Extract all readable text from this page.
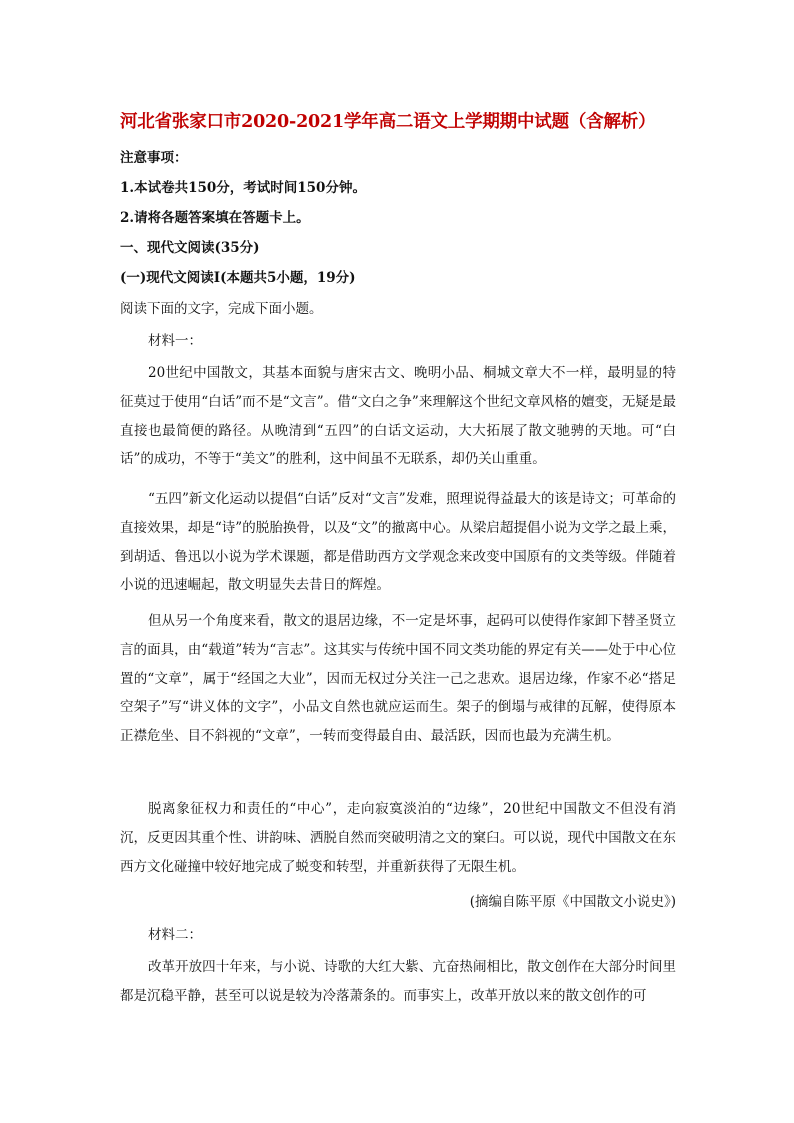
河北省张家口市2020-2021学年高二语文上学期期中试题（含解析）
注意事项：
1.本试卷共150分，考试时间150分钟。
2.请将各题答案填在答题卡上。
一、现代文阅读(35分)
(一)现代文阅读Ⅰ(本题共5小题，19分)
阅读下面的文字，完成下面小题。
材料一：

20世纪中国散文，其基本面貌与唐宋古文、晚明小品、桐城文章大不一样，最明显的特征莫过于使用“白话”而不是“文言”。借“文白之争”来理解这个世纪文章风格的嬗变，无疑是最直接也最简便的路径。从晚清到“五四”的白话文运动，大大拓展了散文驰骋的天地。可“白话”的成功，不等于“美文”的胜利，这中间虽不无联系，却仍关山重重。

“五四”新文化运动以提倡“白话”反对“文言”发难，照理说得益最大的该是诗文；可革命的直接效果，却是“诗”的脱胎换骨，以及“文”的撤离中心。从梁启超提倡小说为文学之最上乘，到胡适、鲁迅以小说为学术课题，都是借助西方文学观念来改变中国原有的文类等级。伴随着小说的迅速崛起，散文明显失去昔日的辉煌。

但从另一个角度来看，散文的退居边缘，不一定是坏事，起码可以使得作家卸下替圣贤立言的面具，由“载道”转为“言志”。这其实与传统中国不同文类功能的界定有关——处于中心位置的“文章”，属于“经国之大业”，因而无权过分关注一己之悲欢。退居边缘，作家不必“搭足空架子”写“讲义体的文字”，小品文自然也就应运而生。架子的倒塌与戒律的瓦解，使得原本正襟危坐、目不斜视的“文章”，一转而变得最自由、最活跃，因而也最为充满生机。

脱离象征权力和责任的“中心”，走向寂寞淡泊的“边缘”，20世纪中国散文不但没有消沉，反更因其重个性、讲韵味、洒脱自然而突破明清之文的窠臼。可以说，现代中国散文在东西方文化碰撞中较好地完成了蜕变和转型，并重新获得了无限生机。

(摘编自陈平原《中国散文小说史》)
材料二：

改革开放四十年来，与小说、诗歌的大红大紫、亢奋热闹相比，散文创作在大部分时间里都是沉稳平静，甚至可以说是较为冷落萧条的。而事实上，改革开放以来的散文创作的可
